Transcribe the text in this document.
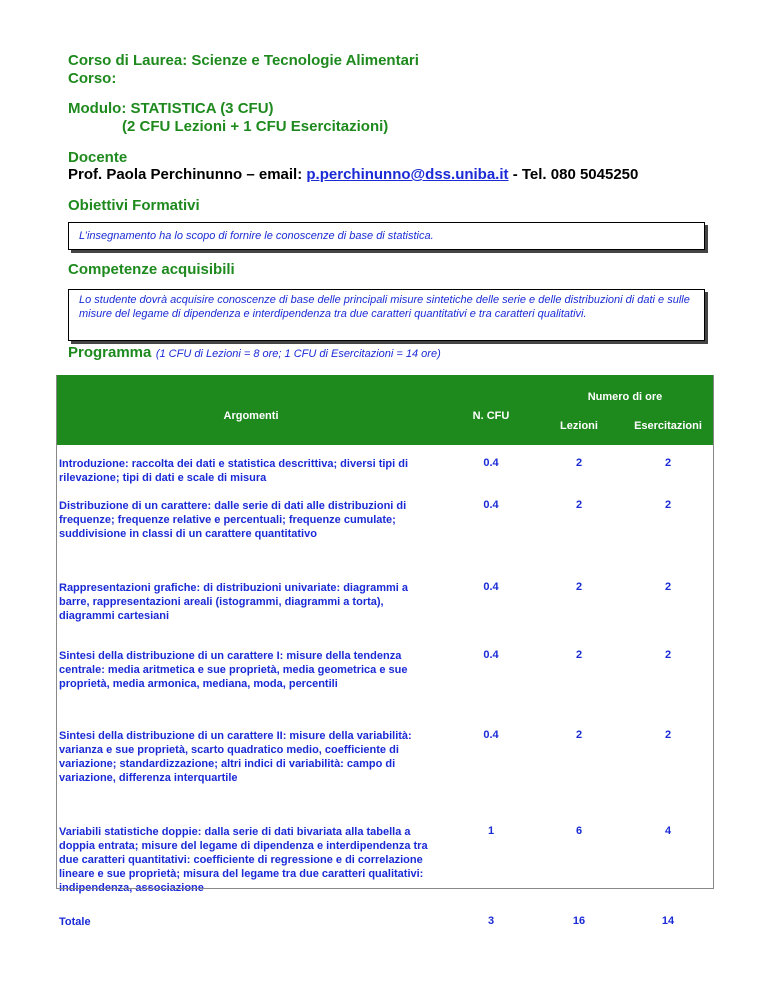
Corso di Laurea: Scienze e Tecnologie Alimentari
Corso:
Modulo: STATISTICA (3 CFU)
(2 CFU Lezioni + 1 CFU Esercitazioni)
Docente
Prof. Paola Perchinunno – email: p.perchinunno@dss.uniba.it - Tel. 080 5045250
Obiettivi Formativi
L’insegnamento ha lo scopo di fornire le conoscenze di base di statistica.
Competenze acquisibili
Lo studente dovrà acquisire conoscenze di base delle principali misure sintetiche delle serie e delle distribuzioni di dati e sulle misure del legame di dipendenza e interdipendenza tra due caratteri quantitativi e tra caratteri qualitativi.
Programma (1 CFU di Lezioni = 8 ore; 1 CFU di Esercitazioni = 14 ore)
Argomenti	N. CFU	Numero di ore	
		Lezioni	Esercitazioni
Introduzione: raccolta dei dati e statistica descrittiva; diversi tipi di rilevazione; tipi di dati e scale di misura	0.4	2	2
Distribuzione di un carattere: dalle serie di dati alle distribuzioni di frequenze; frequenze relative e percentuali; frequenze cumulate; suddivisione in classi di un carattere quantitativo	0.4	2	2
Rappresentazioni grafiche: di distribuzioni univariate: diagrammi a barre, rappresentazioni areali (istogrammi, diagrammi a torta), diagrammi cartesiani	0.4	2	2
Sintesi della distribuzione di un carattere I: misure della tendenza centrale: media aritmetica e sue proprietà, media geometrica e sue proprietà, media armonica, mediana, moda, percentili	0.4	2	2
Sintesi della distribuzione di un carattere II: misure della variabilità: varianza e sue proprietà, scarto quadratico medio, coefficiente di variazione; standardizzazione; altri indici di variabilità: campo di variazione, differenza interquartile	0.4	2	2
Variabili statistiche doppie: dalla serie di dati bivariata alla tabella a doppia entrata; misure del legame di dipendenza e interdipendenza tra due caratteri quantitativi: coefficiente di regressione e di correlazione lineare e sue proprietà; misura del legame tra due caratteri qualitativi: indipendenza, associazione	1	6	4
Totale	3	16	14
